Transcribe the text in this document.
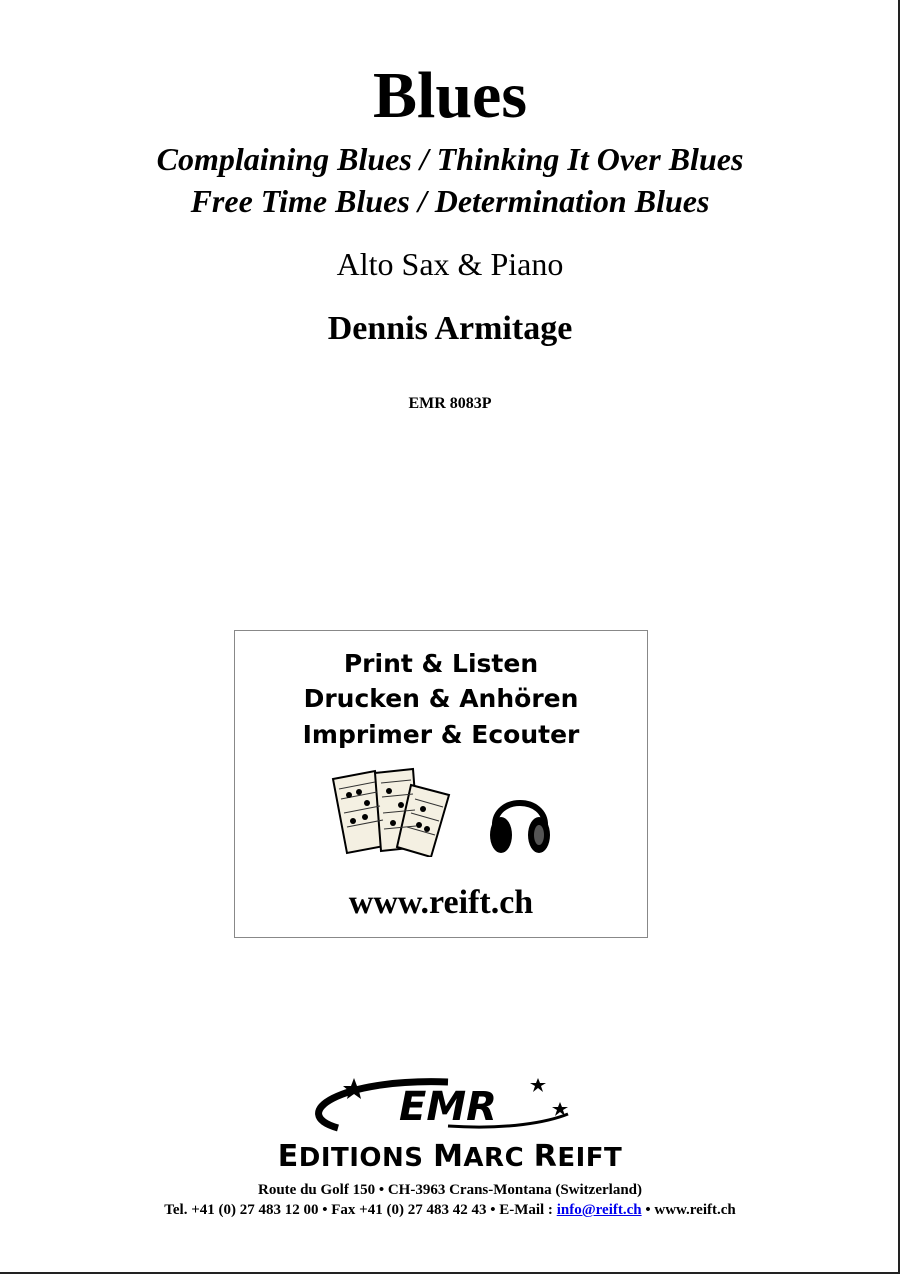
Blues
Complaining Blues / Thinking It Over Blues
Free Time Blues / Determination Blues
Alto Sax & Piano
Dennis Armitage
EMR 8083P
Print & Listen
Drucken & Anhören
Imprimer & Ecouter
www.reift.ch
EMR
EDITIONS MARC REIFT
Route du Golf 150 • CH-3963 Crans-Montana (Switzerland)
Tel. +41 (0) 27 483 12 00 • Fax +41 (0) 27 483 42 43 • E-Mail : info@reift.ch • www.reift.ch
